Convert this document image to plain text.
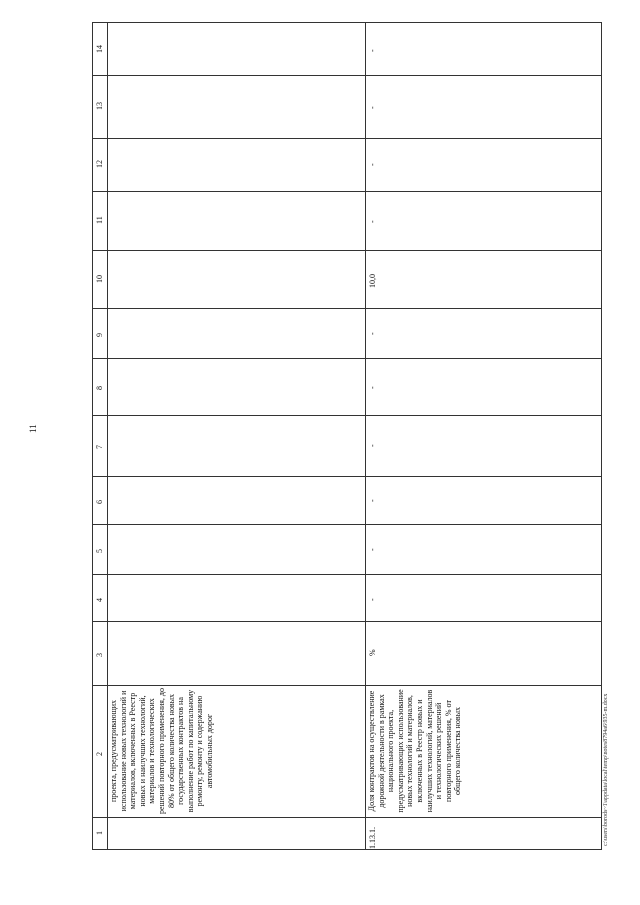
11
1
2
3
4
5
6
7
8
9
10
11
12
13
14
проекта, предусматривающих использование новых технологий и материалов, включенных в Реестр новых и наилучших технологий, материалов и технологических решений повторного применения, до 80% от общего количества новых государственных контрактов на выполнение работ по капитальному ремонту, ремонту и содержанию автомобильных дорог
1.13.1.
Доля контрактов на осуществление дорожной деятельности в рамках национального проекта, предусматривающих использование новых технологий и материалов, включенных в Реестр новых и наилучших технологий, материалов и технологических решений повторного применения, % от общего количества новых
%
-
-
-
-
-
-
10,0
-
-
-
-
c:\users\borods~1\appdata\local\temp\notes8794a6\935-m.docx
